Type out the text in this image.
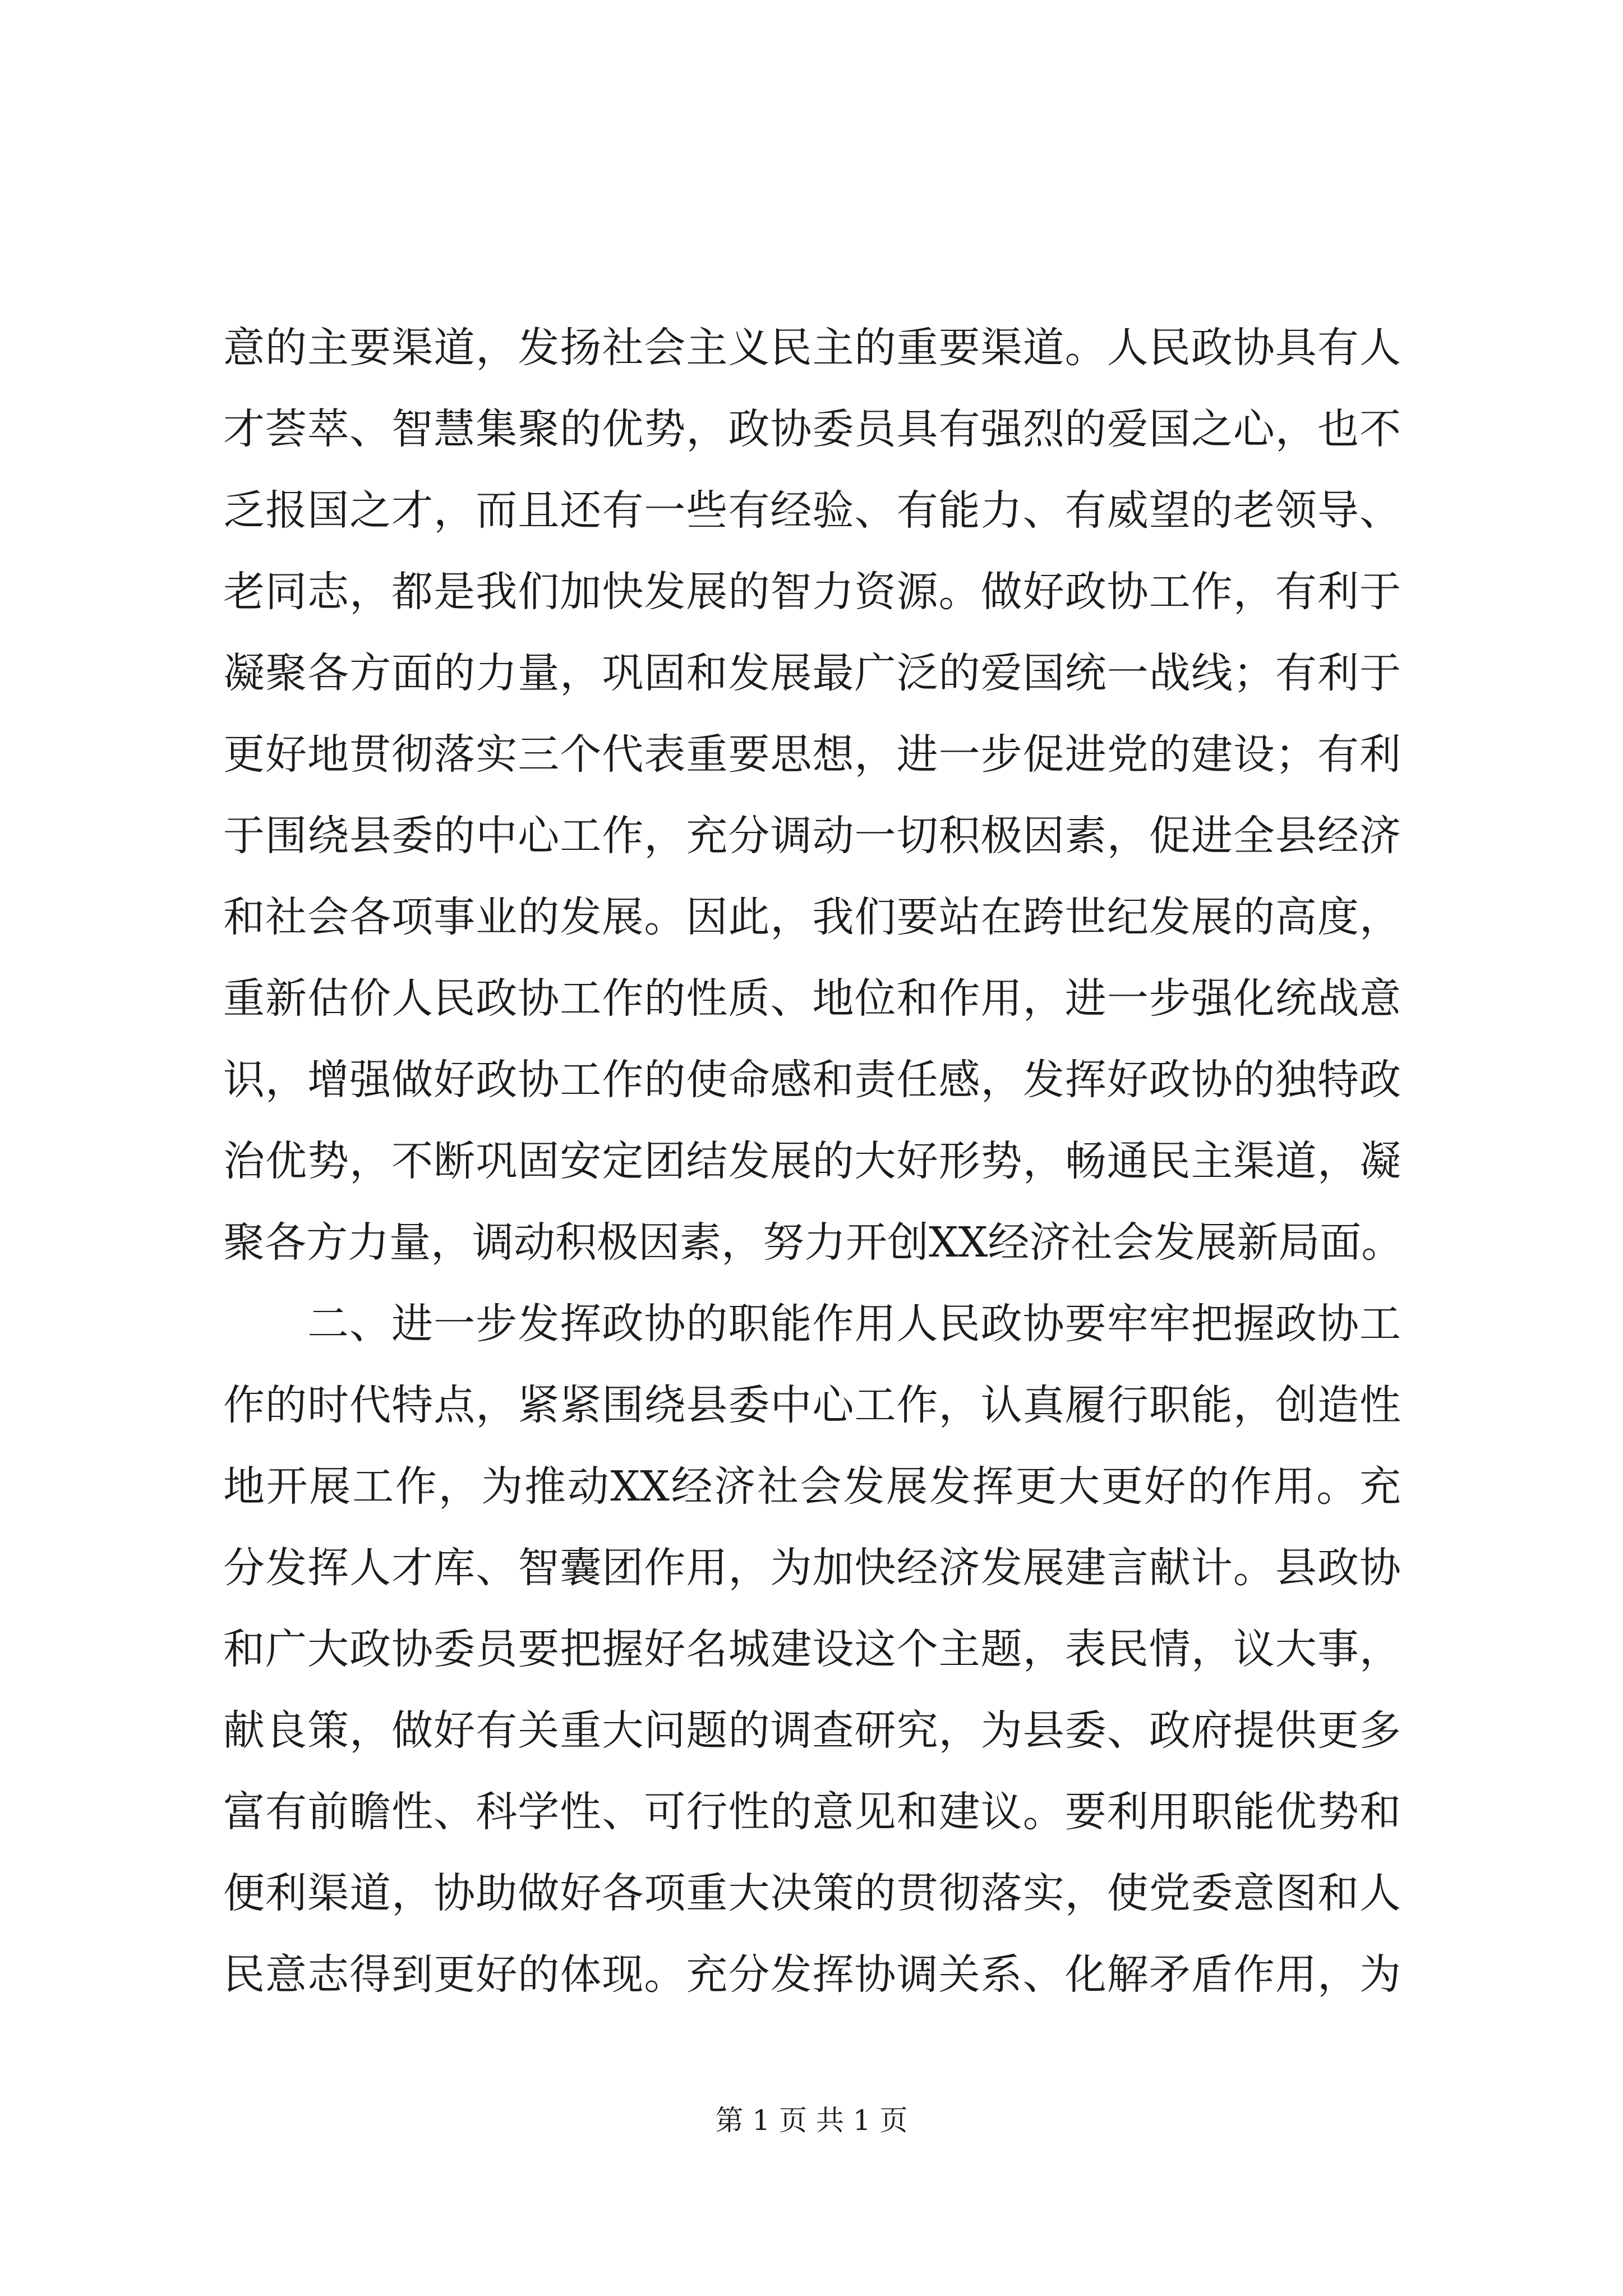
意的主要渠道，发扬社会主义民主的重要渠道。人民政协具有人
才荟萃、智慧集聚的优势，政协委员具有强烈的爱国之心，也不
乏报国之才，而且还有一些有经验、有能力、有威望的老领导、
老同志，都是我们加快发展的智力资源。做好政协工作，有利于
凝聚各方面的力量，巩固和发展最广泛的爱国统一战线；有利于
更好地贯彻落实三个代表重要思想，进一步促进党的建设；有利
于围绕县委的中心工作，充分调动一切积极因素，促进全县经济
和社会各项事业的发展。因此，我们要站在跨世纪发展的高度，
重新估价人民政协工作的性质、地位和作用，进一步强化统战意
识，增强做好政协工作的使命感和责任感，发挥好政协的独特政
治优势，不断巩固安定团结发展的大好形势，畅通民主渠道，凝
聚各方力量，调动积极因素，努力开创XX经济社会发展新局面。
二、进一步发挥政协的职能作用人民政协要牢牢把握政协工
作的时代特点，紧紧围绕县委中心工作，认真履行职能，创造性
地开展工作，为推动XX经济社会发展发挥更大更好的作用。充
分发挥人才库、智囊团作用，为加快经济发展建言献计。县政协
和广大政协委员要把握好名城建设这个主题，表民情，议大事，
献良策，做好有关重大问题的调查研究，为县委、政府提供更多
富有前瞻性、科学性、可行性的意见和建议。要利用职能优势和
便利渠道，协助做好各项重大决策的贯彻落实，使党委意图和人
民意志得到更好的体现。充分发挥协调关系、化解矛盾作用，为
第 1 页 共 1 页
